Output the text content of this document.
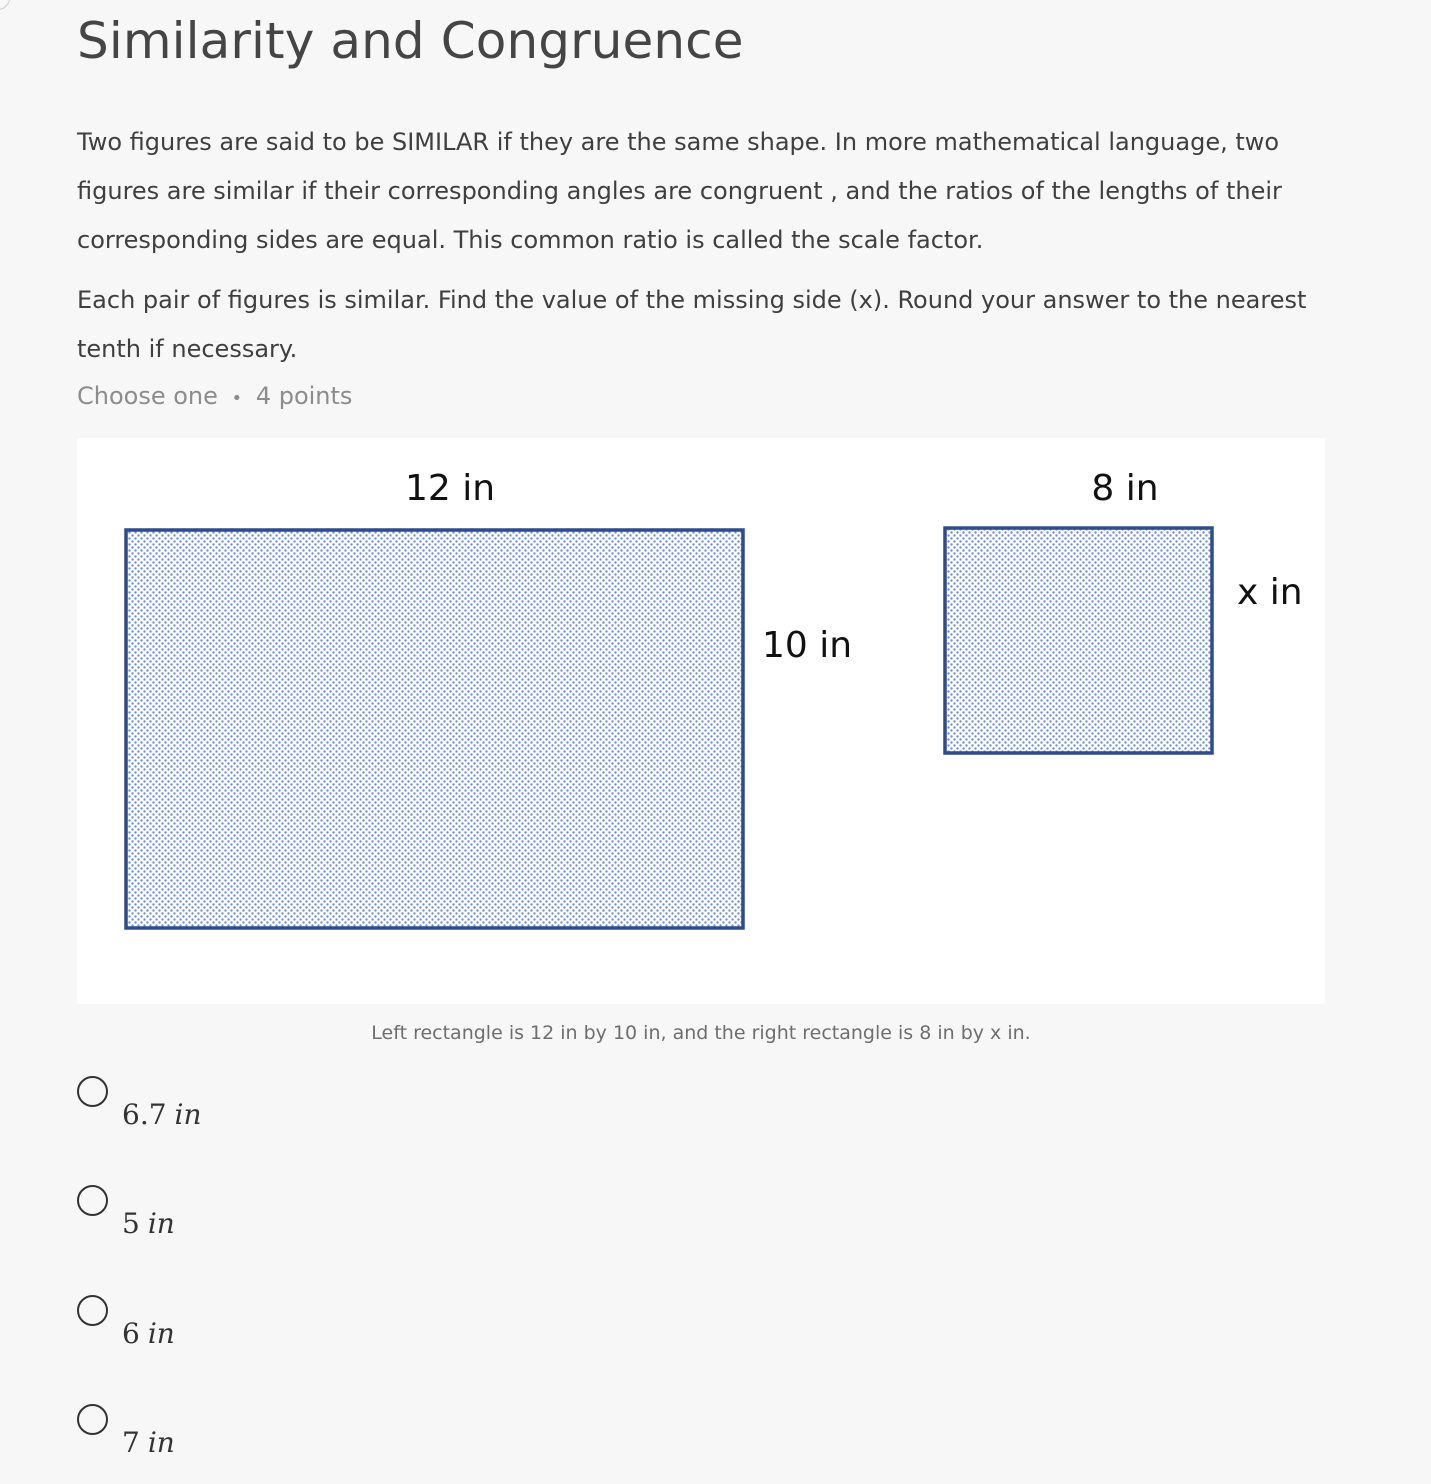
Similarity and Congruence

Two figures are said to be SIMILAR if they are the same shape. In more mathematical language, two figures are similar if their corresponding angles are congruent , and the ratios of the lengths of their corresponding sides are equal. This common ratio is called the scale factor.

Each pair of figures is similar. Find the value of the missing side (x). Round your answer to the nearest tenth if necessary.

Choose one • 4 points
12 in
10 in
8 in
x in
Left rectangle is 12 in by 10 in, and the right rectangle is 8 in by x in.
6.7 in
5 in
6 in
7 in
